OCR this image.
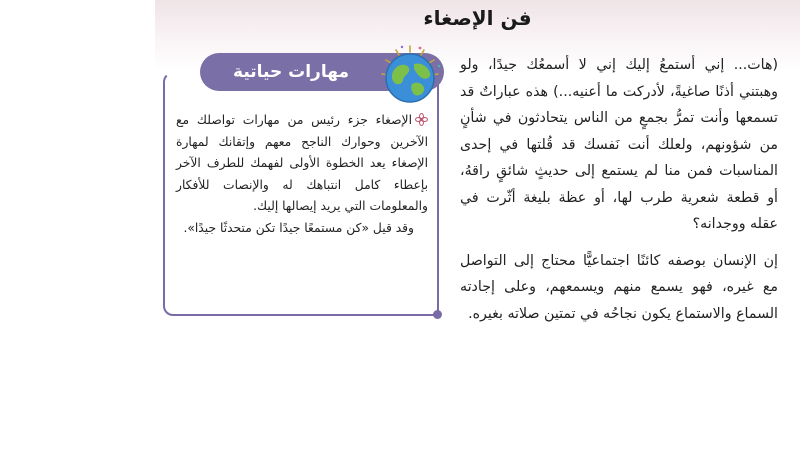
فن الإصغاء

(هات... إني أستمعُ إليك إني لا أسمعُك جيدًا، ولو وهبتني أذنًا صاغيةً، لأدركت ما أعنيه...) هذه عباراتٌ قد تسمعها وأنت تمرُّ بجمعٍ من الناس يتحادثون في شأنٍ من شؤونهم، ولعلك أنت نَفسك قد قُلتها في إحدى المناسبات فمن منا لم يستمع إلى حديثٍ شائقٍ راقهُ، أو قطعة شعرية طرب لها، أو عظة بليغة أثّرت في عقله ووجدانه؟

إن الإنسان بوصفه كائنًا اجتماعيًّا محتاج إلى التواصل مع غيره، فهو يسمع منهم ويسمعهم، وعلى إجادته السماع والاستماع يكون نجاحُه في تمتين صلاته بغيره.

مهارات حياتية

الإصغاء جزء رئيس من مهارات تواصلك مع الآخرين وحوارك الناجح معهم وإتقانك لمهارة الإصغاء يعد الخطوة الأولى لفهمك للطرف الآخر بإعطاء كامل انتباهك له والإنصات للأفكار والمعلومات التي يريد إيصالها إليك.

وقد قيل «كن مستمعًا جيدًا تكن متحدثًا جيدًا».
